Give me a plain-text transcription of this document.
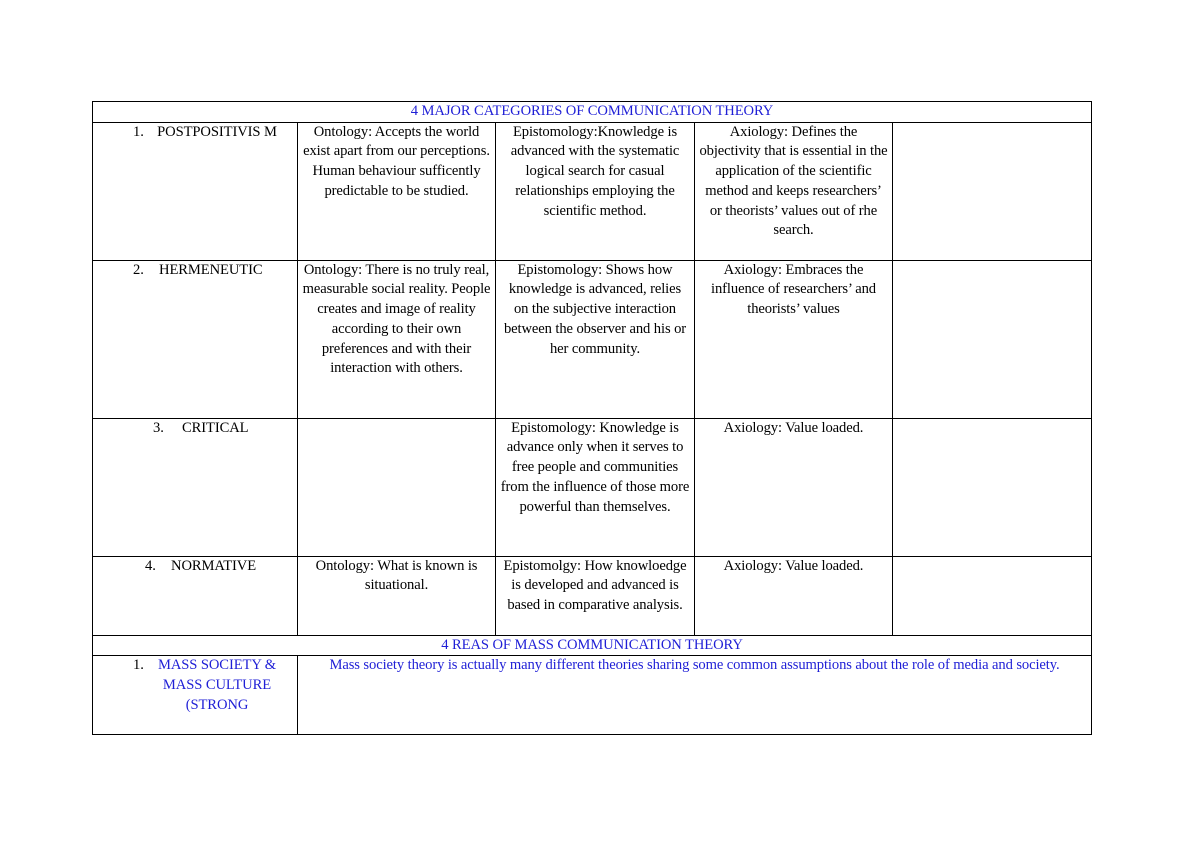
4 MAJOR CATEGORIES OF COMMUNICATION THEORY				

1. POSTPOSITIVIS M	Ontology: Accepts the world exist apart from our perceptions. Human behaviour sufficently predictable to be studied.	Epistomology:Knowledge is advanced with the systematic logical search for casual relationships employing the scientific method.	Axiology: Defines the objectivity that is essential in the application of the scientific method and keeps researchers’ or theorists’ values out of rhe search.	

2. HERMENEUTIC	Ontology: There is no truly real, measurable social reality. People creates and image of reality according to their own preferences and with their interaction with others.	Epistomology: Shows how knowledge is advanced, relies on the subjective interaction between the observer and his or her community.	Axiology: Embraces the influence of researchers’ and theorists’ values	

3. CRITICAL		Epistomology: Knowledge is advance only when it serves to free people and communities from the influence of those more powerful than themselves.	Axiology: Value loaded.	

4. NORMATIVE	Ontology: What is known is situational.	Epistomolgy: How knowloedge is developed and advanced is based in comparative analysis.	Axiology: Value loaded.	
4 REAS OF MASS COMMUNICATION THEORY				

1. MASS SOCIETY & MASS CULTURE (STRONG	Mass society theory is actually many different theories sharing some common assumptions about the role of media and society.			
